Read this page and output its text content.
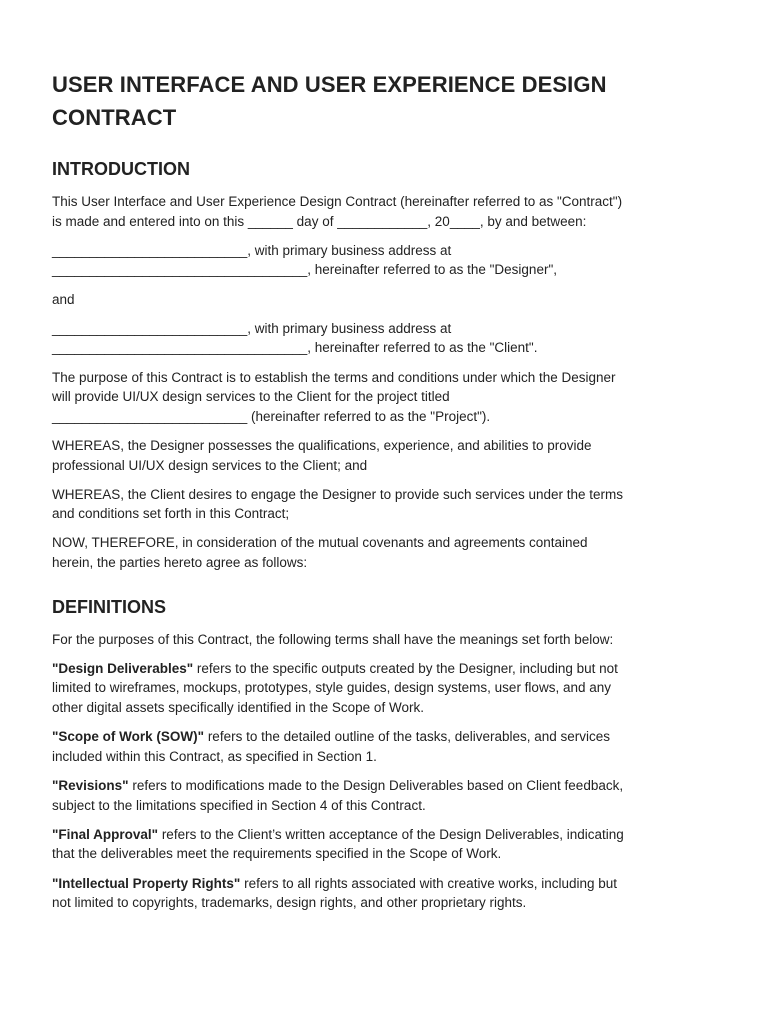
USER INTERFACE AND USER EXPERIENCE DESIGN
CONTRACT
INTRODUCTION

This User Interface and User Experience Design Contract (hereinafter referred to as "Contract")
is made and entered into on this ______ day of ____________, 20____, by and between:

__________________________, with primary business address at
__________________________________, hereinafter referred to as the "Designer",

and

__________________________, with primary business address at
__________________________________, hereinafter referred to as the "Client".

The purpose of this Contract is to establish the terms and conditions under which the Designer
will provide UI/UX design services to the Client for the project titled
__________________________ (hereinafter referred to as the "Project").

WHEREAS, the Designer possesses the qualifications, experience, and abilities to provide
professional UI/UX design services to the Client; and

WHEREAS, the Client desires to engage the Designer to provide such services under the terms
and conditions set forth in this Contract;

NOW, THEREFORE, in consideration of the mutual covenants and agreements contained
herein, the parties hereto agree as follows:

DEFINITIONS

For the purposes of this Contract, the following terms shall have the meanings set forth below:

"Design Deliverables" refers to the specific outputs created by the Designer, including but not
limited to wireframes, mockups, prototypes, style guides, design systems, user flows, and any
other digital assets specifically identified in the Scope of Work.

"Scope of Work (SOW)" refers to the detailed outline of the tasks, deliverables, and services
included within this Contract, as specified in Section 1.

"Revisions" refers to modifications made to the Design Deliverables based on Client feedback,
subject to the limitations specified in Section 4 of this Contract.

"Final Approval" refers to the Client’s written acceptance of the Design Deliverables, indicating
that the deliverables meet the requirements specified in the Scope of Work.

"Intellectual Property Rights" refers to all rights associated with creative works, including but
not limited to copyrights, trademarks, design rights, and other proprietary rights.
